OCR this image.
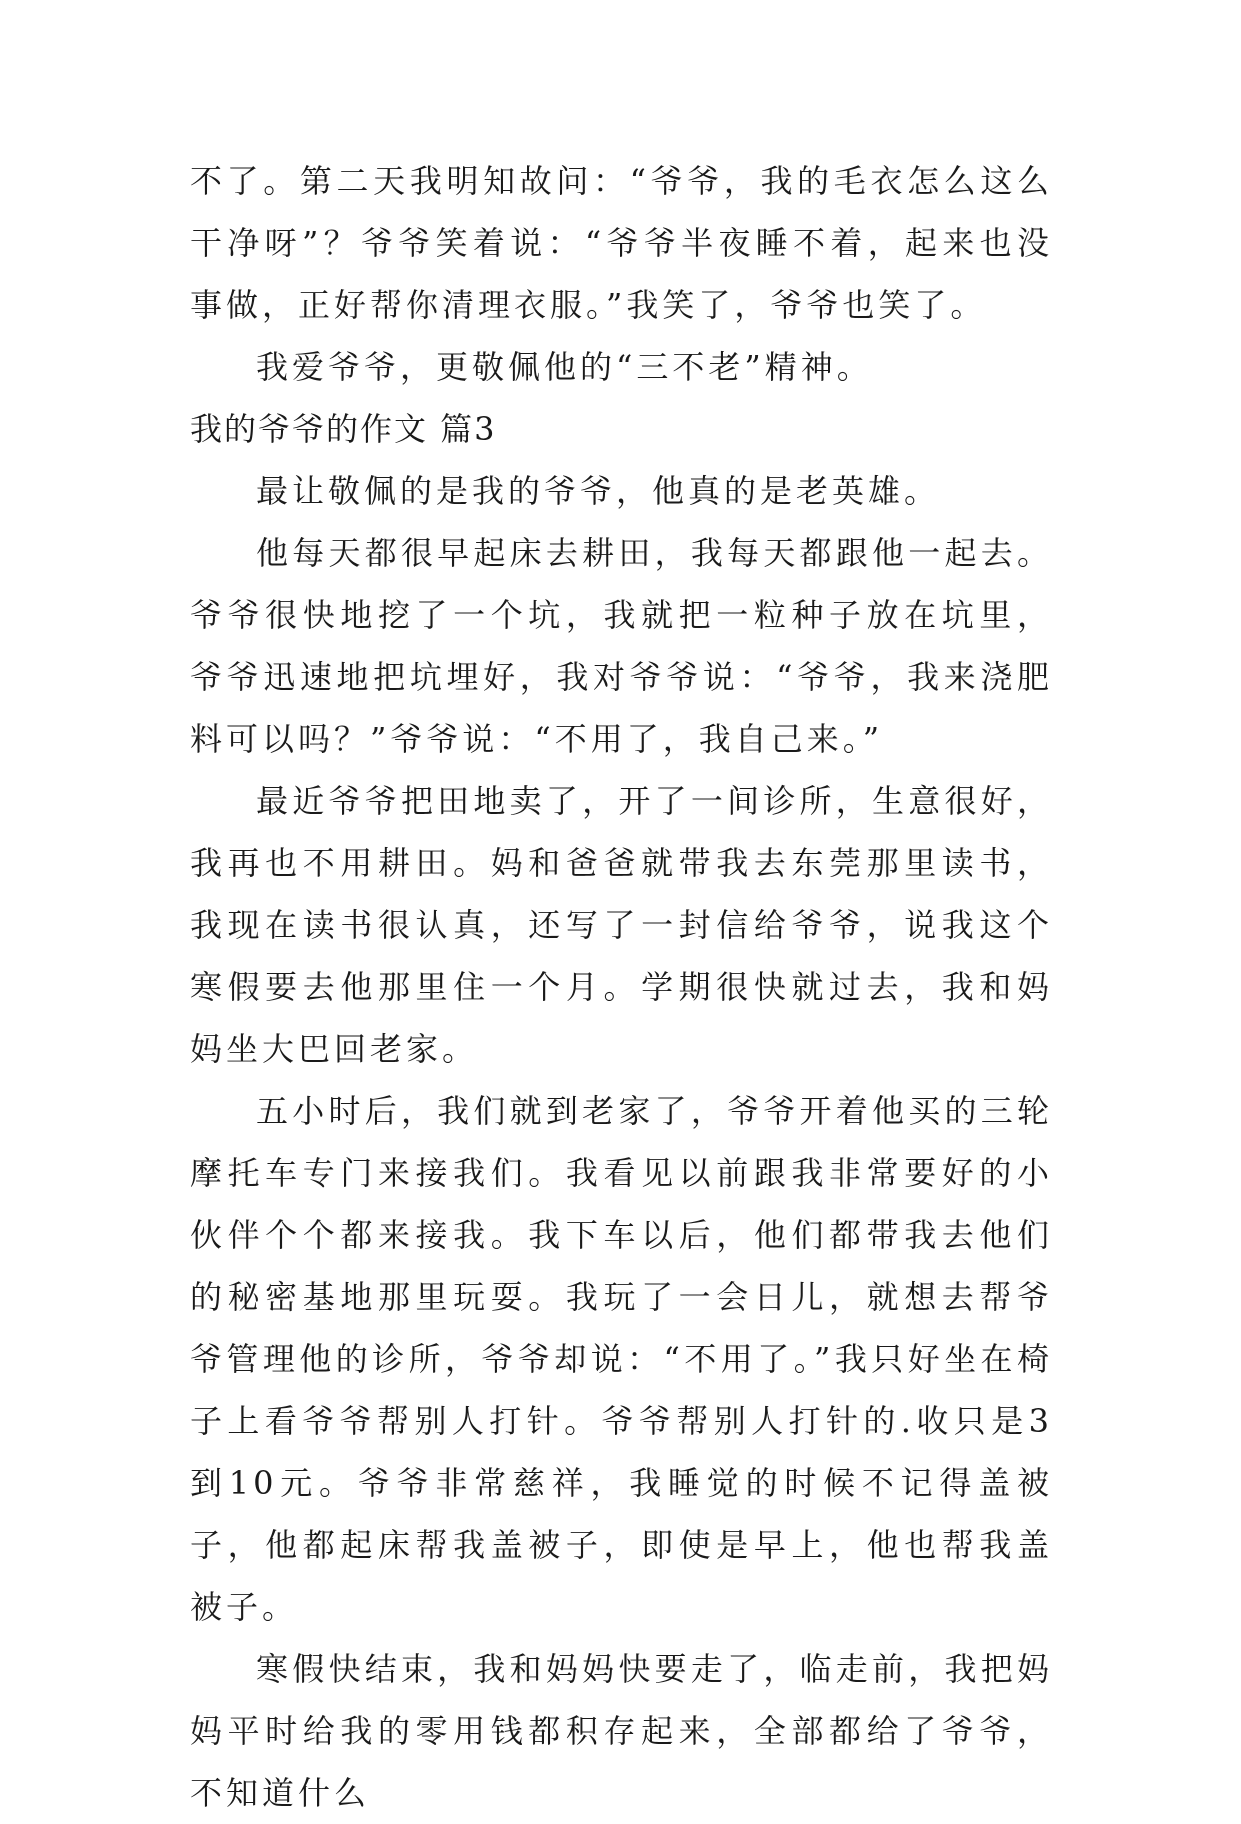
不了。第二天我明知故问：“爷爷，我的毛衣怎么这么干净呀”？爷爷笑着说：“爷爷半夜睡不着，起来也没事做，正好帮你清理衣服。”我笑了，爷爷也笑了。

我爱爷爷，更敬佩他的“三不老”精神。

我的爷爷的作文 篇3

最让敬佩的是我的爷爷，他真的是老英雄。

他每天都很早起床去耕田，我每天都跟他一起去。爷爷很快地挖了一个坑，我就把一粒种子放在坑里，爷爷迅速地把坑埋好，我对爷爷说：“爷爷，我来浇肥料可以吗？”爷爷说：“不用了，我自己来。”

最近爷爷把田地卖了，开了一间诊所，生意很好，我再也不用耕田。妈和爸爸就带我去东莞那里读书，我现在读书很认真，还写了一封信给爷爷，说我这个寒假要去他那里住一个月。学期很快就过去，我和妈妈坐大巴回老家。

五小时后，我们就到老家了，爷爷开着他买的三轮摩托车专门来接我们。我看见以前跟我非常要好的小伙伴个个都来接我。我下车以后，他们都带我去他们的秘密基地那里玩耍。我玩了一会日儿，就想去帮爷爷管理他的诊所，爷爷却说：“不用了。”我只好坐在椅子上看爷爷帮别人打针。爷爷帮别人打针的.收只是3到10元。爷爷非常慈祥，我睡觉的时候不记得盖被子，他都起床帮我盖被子，即使是早上，他也帮我盖被子。

寒假快结束，我和妈妈快要走了，临走前，我把妈妈平时给我的零用钱都积存起来，全部都给了爷爷，不知道什么
